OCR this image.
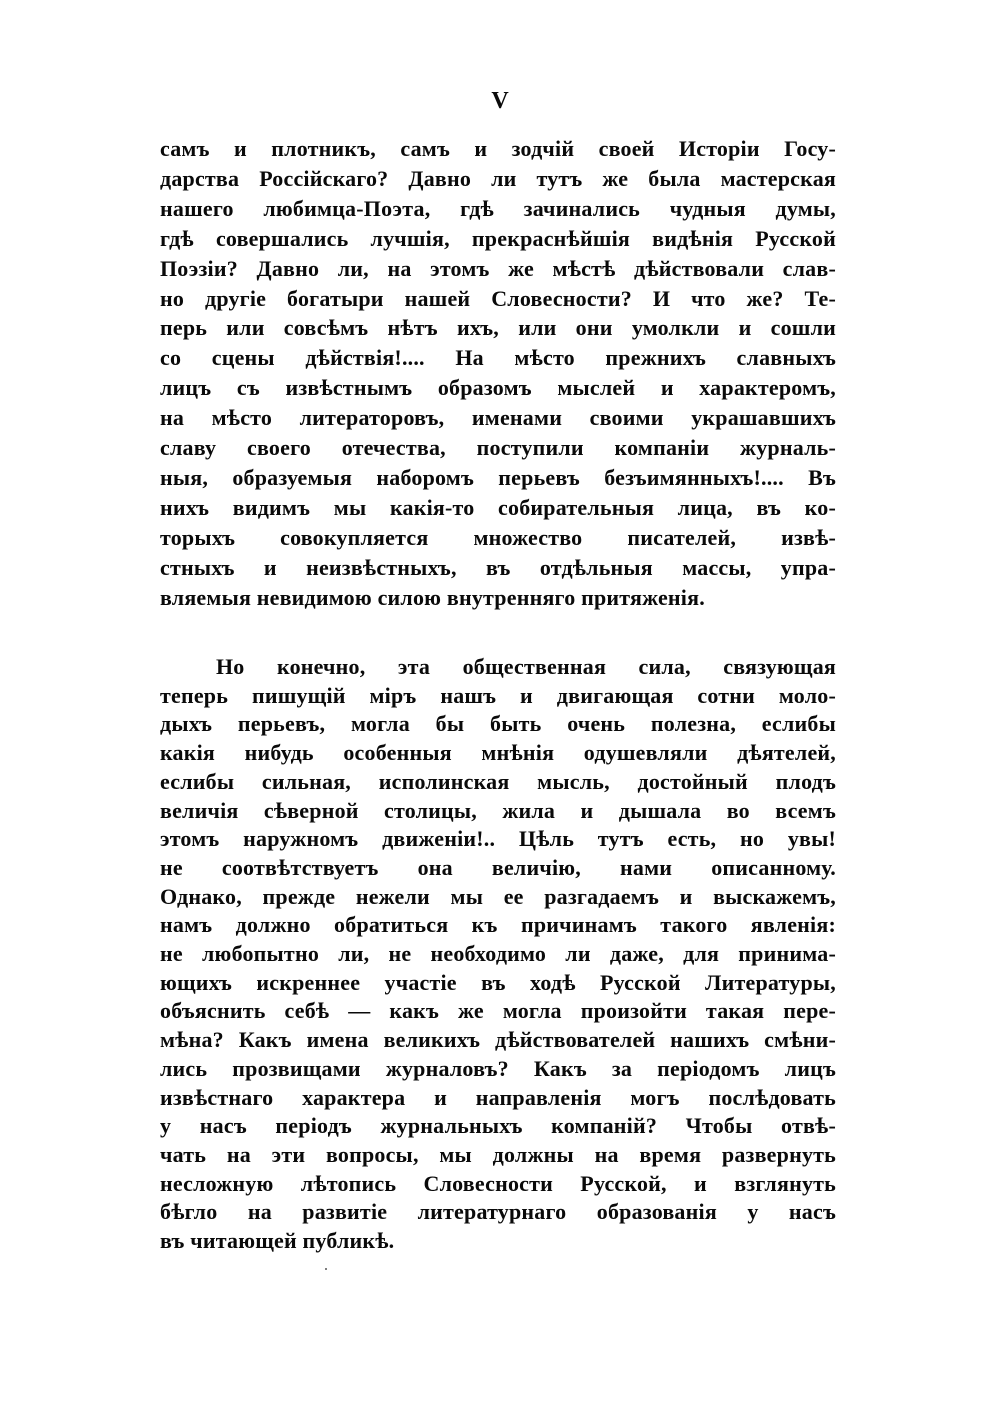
V
самъ и плотникъ, самъ и зодчій своей Исторіи Госу-
дарства Россійскаго? Давно ли тутъ же была мастерская
нашего любимца-Поэта, гдѣ зачинались чудныя думы,
гдѣ совершались лучшія, прекраснѣйшія видѣнія Русской
Поэзіи? Давно ли, на этомъ же мѣстѣ дѣйствовали слав-
но другіе богатыри нашей Словесности? И что же? Те-
перь или совсѣмъ нѣтъ ихъ, или они умолкли и сошли
со сцены дѣйствія!.... На мѣсто прежнихъ славныхъ
лицъ съ извѣстнымъ образомъ мыслей и характеромъ,
на мѣсто литераторовъ, именами своими украшавшихъ
славу своего отечества, поступили компаніи журналь-
ныя, образуемыя наборомъ перьевъ безъимянныхъ!.... Въ
нихъ видимъ мы какія-то собирательныя лица, въ ко-
торыхъ совокупляется множество писателей, извѣ-
стныхъ и неизвѣстныхъ, въ отдѣльныя массы, упра-
вляемыя невидимою силою внутренняго притяженія.
Но конечно, эта общественная сила, связующая
теперь пишущій міръ нашъ и двигающая сотни моло-
дыхъ перьевъ, могла бы быть очень полезна, еслибы
какія нибудь особенныя мнѣнія одушевляли дѣятелей,
еслибы сильная, исполинская мысль, достойный плодъ
величія сѣверной столицы, жила и дышала во всемъ
этомъ наружномъ движеніи!.. Цѣль тутъ есть, но увы!
не соотвѣтствуетъ она величію, нами описанному.
Однако, прежде нежели мы ее разгадаемъ и выскажемъ,
намъ должно обратиться къ причинамъ такого явленія:
не любопытно ли, не необходимо ли даже, для принима-
ющихъ искреннее участіе въ ходѣ Русской Литературы,
объяснить себѣ — какъ же могла произойти такая пере-
мѣна? Какъ имена великихъ дѣйствователей нашихъ смѣни-
лись прозвищами журналовъ? Какъ за періодомъ лицъ
извѣстнаго характера и направленія могъ послѣдовать
у насъ періодъ журнальныхъ компаній? Чтобы отвѣ-
чать на эти вопросы, мы должны на время развернуть
несложную лѣтопись Словесности Русской, и взглянуть
бѣгло на развитіе литературнаго образованія у насъ
въ читающей публикѣ.
